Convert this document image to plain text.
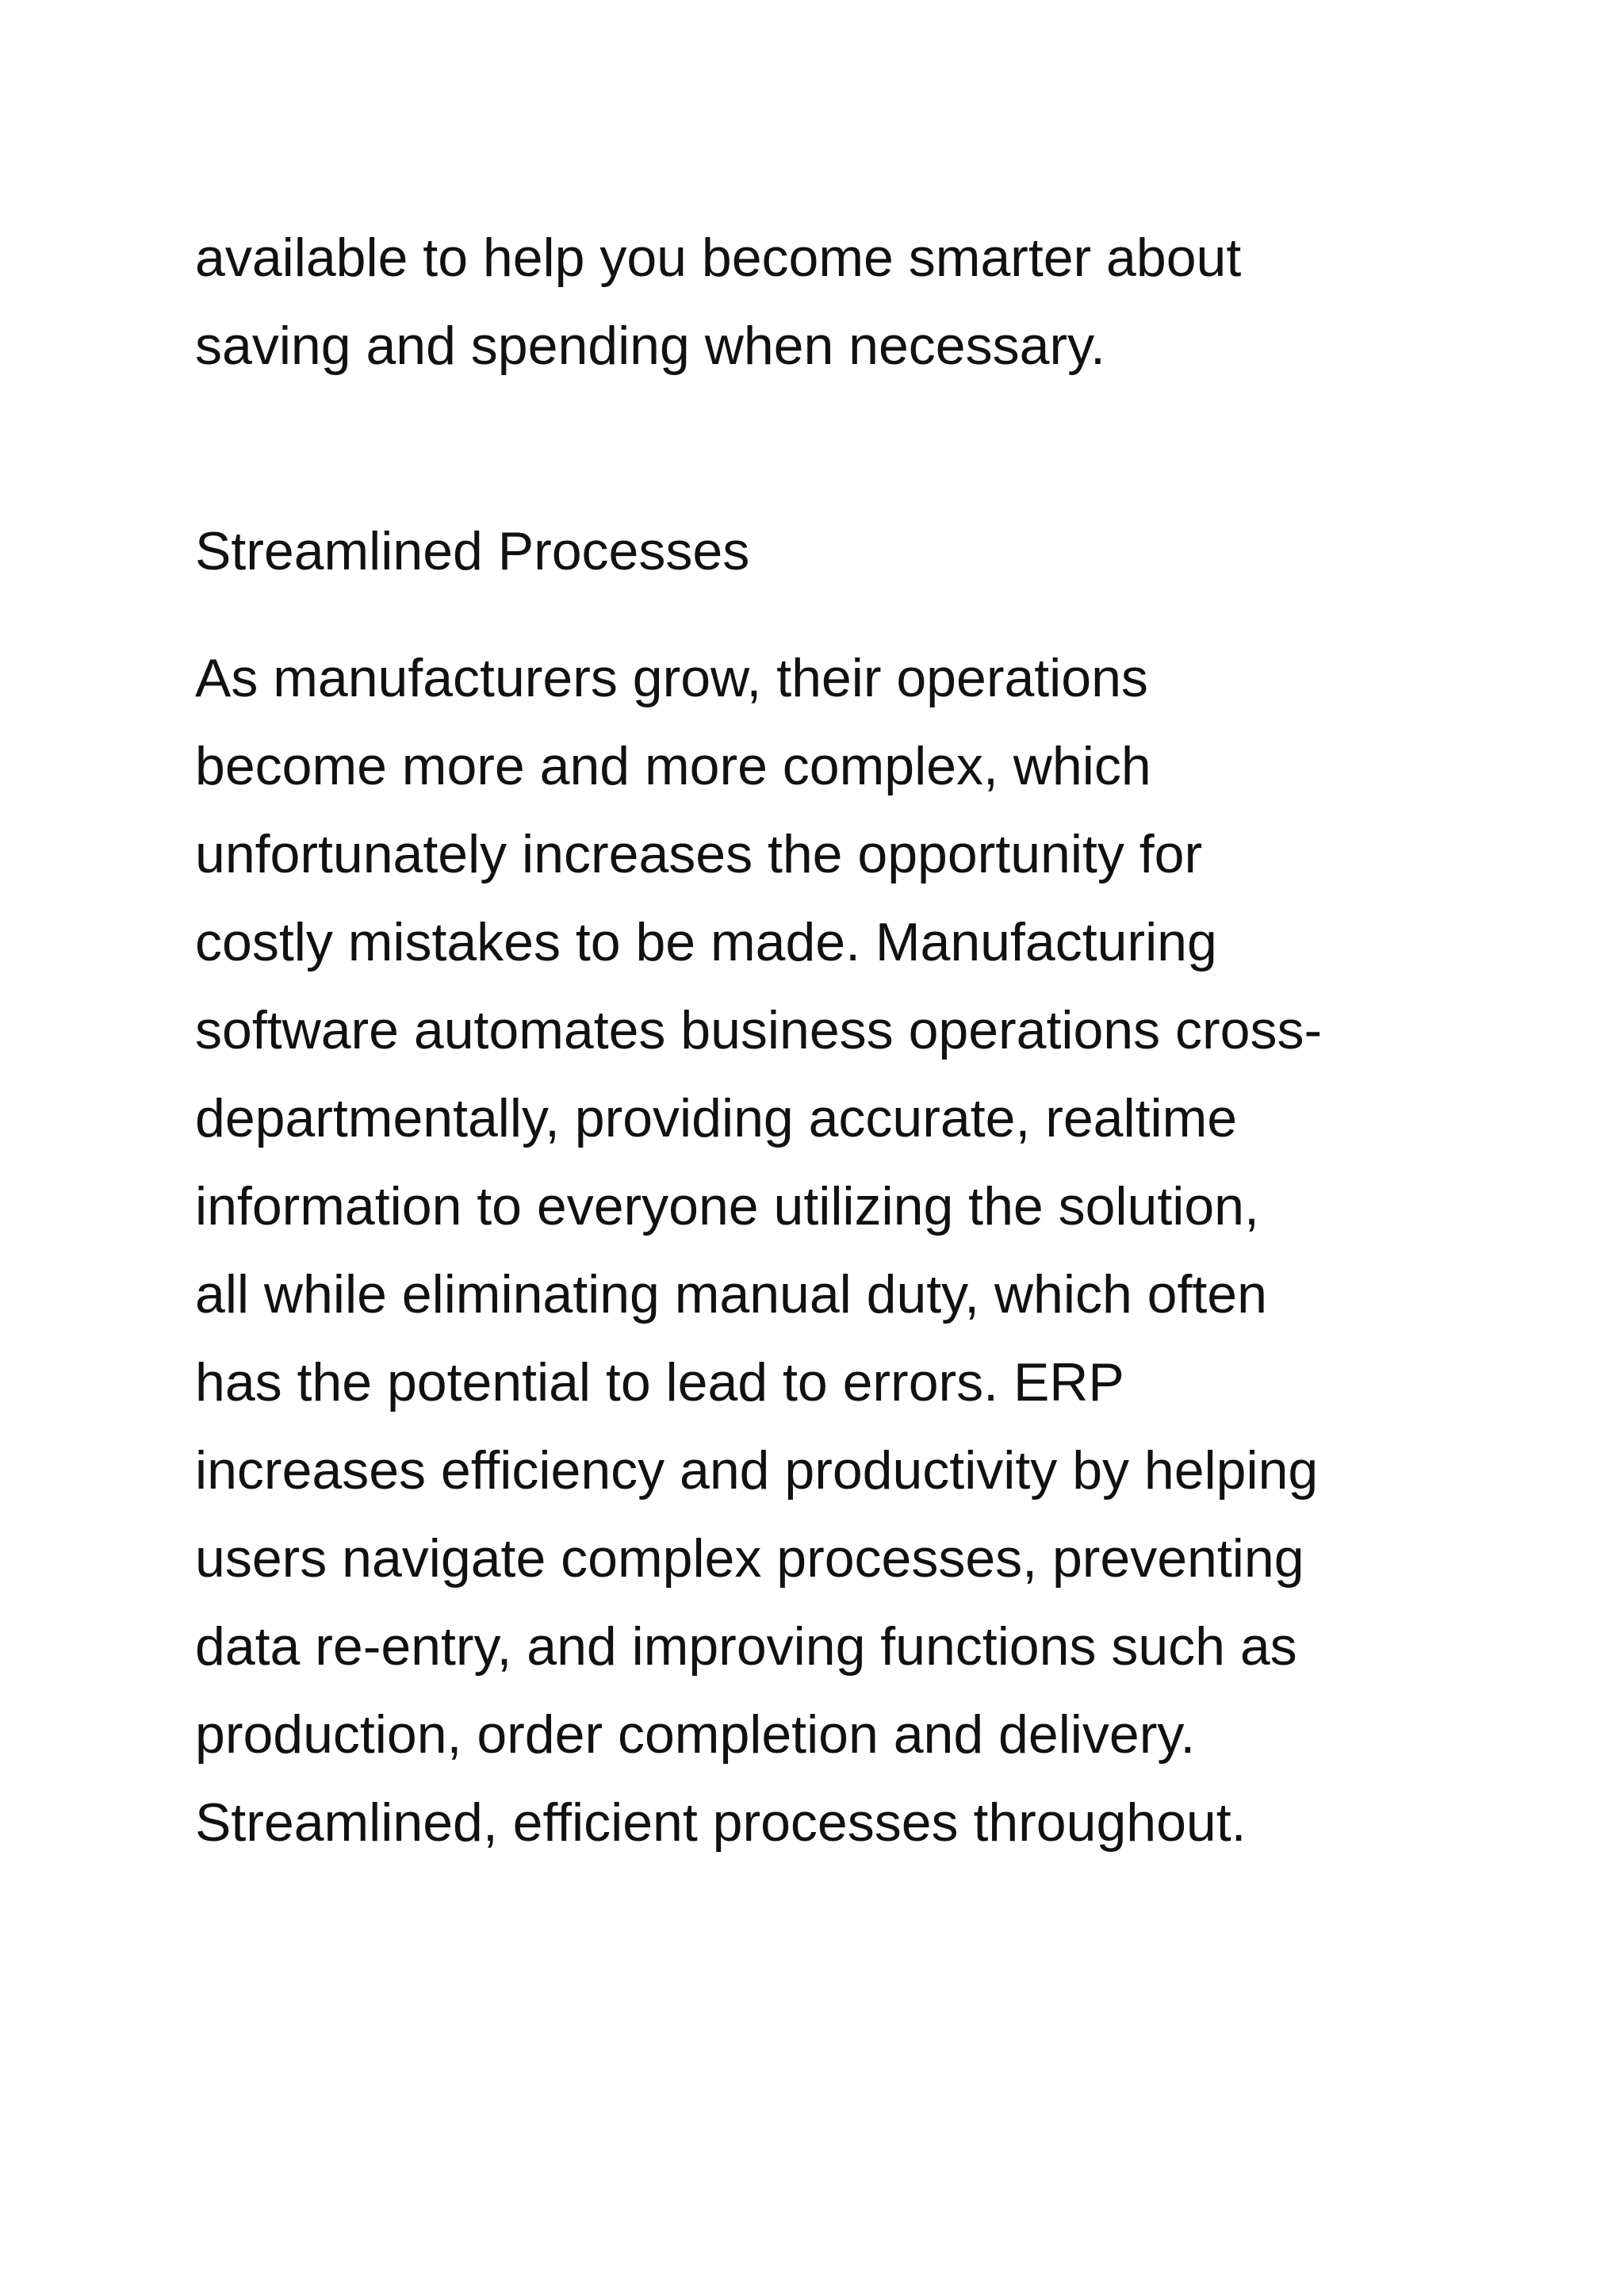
available to help you become smarter about
saving and spending when necessary.
Streamlined Processes
As manufacturers grow, their operations
become more and more complex, which
unfortunately increases the opportunity for
costly mistakes to be made. Manufacturing
software automates business operations cross-
departmentally, providing accurate, realtime
information to everyone utilizing the solution,
all while eliminating manual duty, which often
has the potential to lead to errors. ERP
increases efficiency and productivity by helping
users navigate complex processes, preventing
data re-entry, and improving functions such as
production, order completion and delivery.
Streamlined, efficient processes throughout.
